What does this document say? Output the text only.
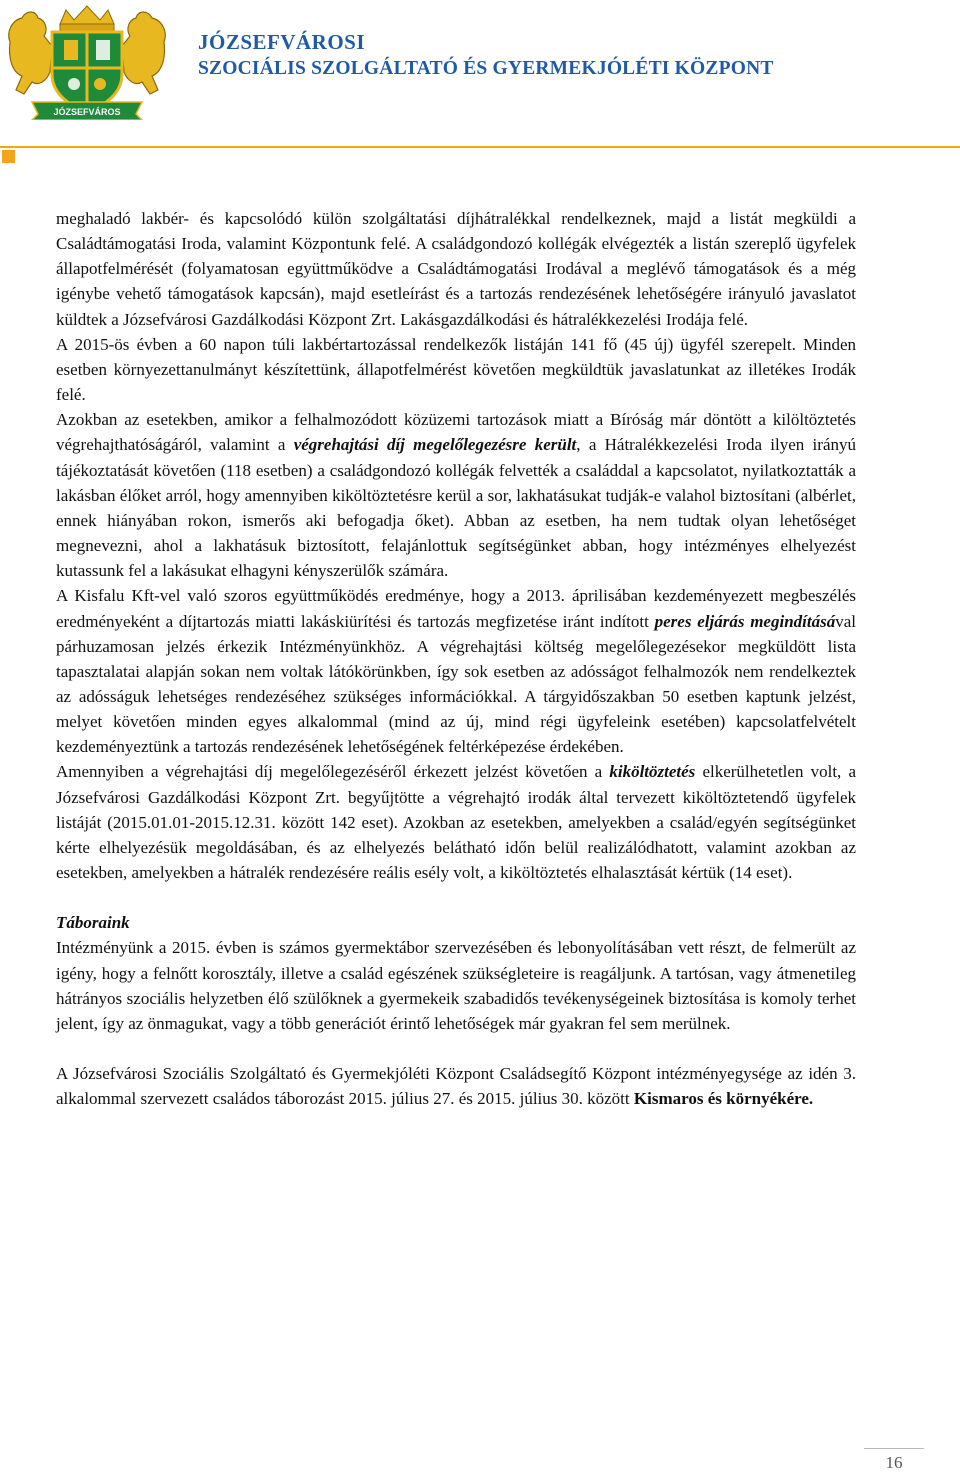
JÓZSEFVÁROS
JÓZSEFVÁROSI
SZOCIÁLIS SZOLGÁLTATÓ ÉS GYERMEKJÓLÉTI KÖZPONT

meghaladó lakbér- és kapcsolódó külön szolgáltatási díjhátralékkal rendelkeznek, majd a listát megküldi a Családtámogatási Iroda, valamint Központunk felé. A családgondozó kollégák elvégezték a listán szereplő ügyfelek állapotfelmérését (folyamatosan együttműködve a Családtámogatási Irodával a meglévő támogatások és a még igénybe vehető támogatások kapcsán), majd esetleírást és a tartozás rendezésének lehetőségére irányuló javaslatot küldtek a Józsefvárosi Gazdálkodási Központ Zrt. Lakásgazdálkodási és hátralékkezelési Irodája felé.

A 2015-ös évben a 60 napon túli lakbértartozással rendelkezők listáján 141 fő (45 új) ügyfél szerepelt. Minden esetben környezettanulmányt készítettünk, állapotfelmérést követően megküldtük javaslatunkat az illetékes Irodák felé.

Azokban az esetekben, amikor a felhalmozódott közüzemi tartozások miatt a Bíróság már döntött a kilöltöztetés végrehajthatóságáról, valamint a végrehajtási díj megelőlegezésre került, a Hátralékkezelési Iroda ilyen irányú tájékoztatását követően (118 esetben) a családgondozó kollégák felvették a családdal a kapcsolatot, nyilatkoztatták a lakásban élőket arról, hogy amennyiben kiköltöztetésre kerül a sor, lakhatásukat tudják-e valahol biztosítani (albérlet, ennek hiányában rokon, ismerős aki befogadja őket). Abban az esetben, ha nem tudtak olyan lehetőséget megnevezni, ahol a lakhatásuk biztosított, felajánlottuk segítségünket abban, hogy intézményes elhelyezést kutassunk fel a lakásukat elhagyni kényszerülők számára.

A Kisfalu Kft-vel való szoros együttműködés eredménye, hogy a 2013. áprilisában kezdeményezett megbeszélés eredményeként a díjtartozás miatti lakáskiürítési és tartozás megfizetése iránt indított peres eljárás megindításával párhuzamosan jelzés érkezik Intézményünkhöz. A végrehajtási költség megelőlegezésekor megküldött lista tapasztalatai alapján sokan nem voltak látókörünkben, így sok esetben az adósságot felhalmozók nem rendelkeztek az adósságuk lehetséges rendezéséhez szükséges információkkal. A tárgyidőszakban 50 esetben kaptunk jelzést, melyet követően minden egyes alkalommal (mind az új, mind régi ügyfeleink esetében) kapcsolatfelvételt kezdeményeztünk a tartozás rendezésének lehetőségének feltérképezése érdekében.

Amennyiben a végrehajtási díj megelőlegezéséről érkezett jelzést követően a kiköltöztetés elkerülhetetlen volt, a Józsefvárosi Gazdálkodási Központ Zrt. begyűjtötte a végrehajtó irodák által tervezett kiköltöztetendő ügyfelek listáját (2015.01.01-2015.12.31. között 142 eset). Azokban az esetekben, amelyekben a család/egyén segítségünket kérte elhelyezésük megoldásában, és az elhelyezés belátható időn belül realizálódhatott, valamint azokban az esetekben, amelyekben a hátralék rendezésére reális esély volt, a kiköltöztetés elhalasztását kértük (14 eset).

Táboraink

Intézményünk a 2015. évben is számos gyermektábor szervezésében és lebonyolításában vett részt, de felmerült az igény, hogy a felnőtt korosztály, illetve a család egészének szükségleteire is reagáljunk. A tartósan, vagy átmenetileg hátrányos szociális helyzetben élő szülőknek a gyermekeik szabadidős tevékenységeinek biztosítása is komoly terhet jelent, így az önmagukat, vagy a több generációt érintő lehetőségek már gyakran fel sem merülnek.

A Józsefvárosi Szociális Szolgáltató és Gyermekjóléti Központ Családsegítő Központ intézményegysége az idén 3. alkalommal szervezett családos táborozást 2015. július 27. és 2015. július 30. között Kismaros és környékére.

16
